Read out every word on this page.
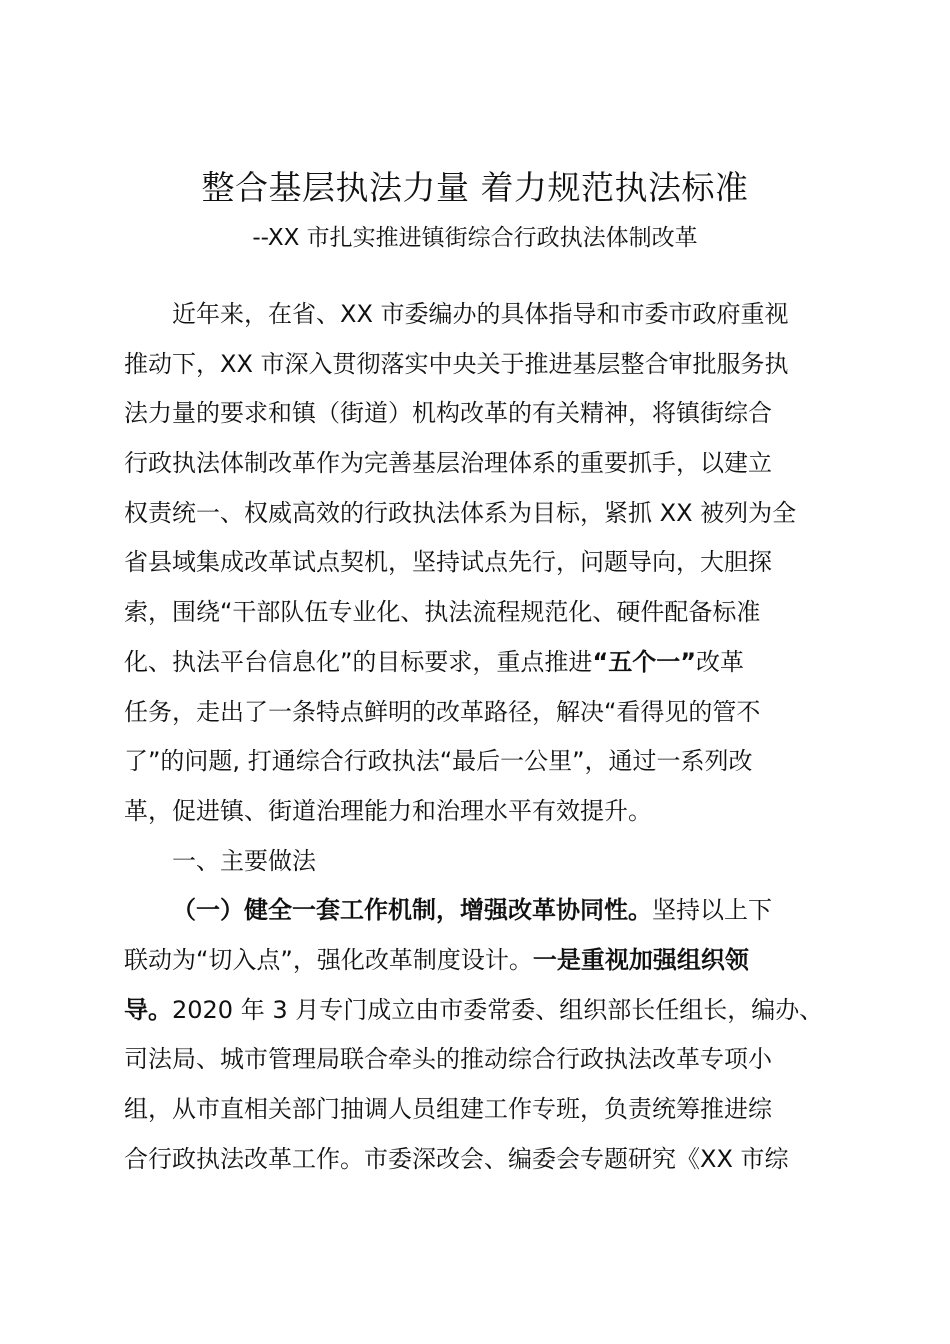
整合基层执法力量 着力规范执法标准
--XX 市扎实推进镇街综合行政执法体制改革
近年来，在省、XX 市委编办的具体指导和市委市政府重视
推动下，XX 市深入贯彻落实中央关于推进基层整合审批服务执
法力量的要求和镇（街道）机构改革的有关精神，将镇街综合
行政执法体制改革作为完善基层治理体系的重要抓手，以建立
权责统一、权威高效的行政执法体系为目标，紧抓 XX 被列为全
省县域集成改革试点契机，坚持试点先行，问题导向，大胆探
索，围绕“干部队伍专业化、执法流程规范化、硬件配备标准
化、执法平台信息化”的目标要求，重点推进“五个一”改革
任务，走出了一条特点鲜明的改革路径，解决“看得见的管不
了”的问题, 打通综合行政执法“最后一公里”，通过一系列改
革，促进镇、街道治理能力和治理水平有效提升。
一、主要做法
（一）健全一套工作机制，增强改革协同性。坚持以上下
联动为“切入点”，强化改革制度设计。一是重视加强组织领
导。2020 年 3 月专门成立由市委常委、组织部长任组长，编办、
司法局、城市管理局联合牵头的推动综合行政执法改革专项小
组，从市直相关部门抽调人员组建工作专班，负责统筹推进综
合行政执法改革工作。市委深改会、编委会专题研究《XX 市综
